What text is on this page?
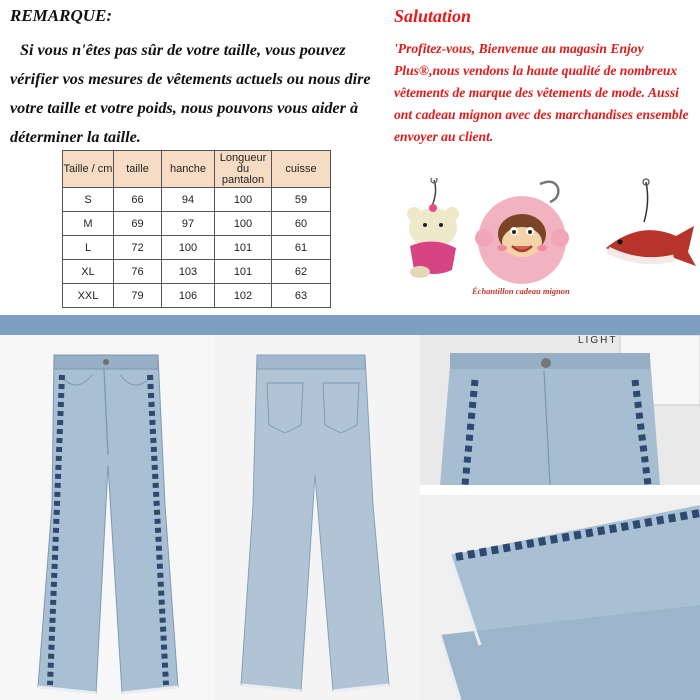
REMARQUE:
Si vous n'êtes pas sûr de votre taille, vous pouvez vérifier vos mesures de vêtements actuels ou nous dire votre taille et votre poids, nous pouvons vous aider à déterminer la taille.
Taille / cm	taille	hanche	Longueur du pantalon	cuisse
S	66	94	100	59
M	69	97	100	60
L	72	100	101	61
XL	76	103	101	62
XXL	79	106	102	63
Salutation
'Profitez-vous, Bienvenue au magasin Enjoy Plus®,nous vendons la haute qualité de nombreux vêtements de marque des vêtements de mode. Aussi ont cadeau mignon avec des marchandises ensemble envoyer au client.
Échantillon cadeau mignon
LIGHT
